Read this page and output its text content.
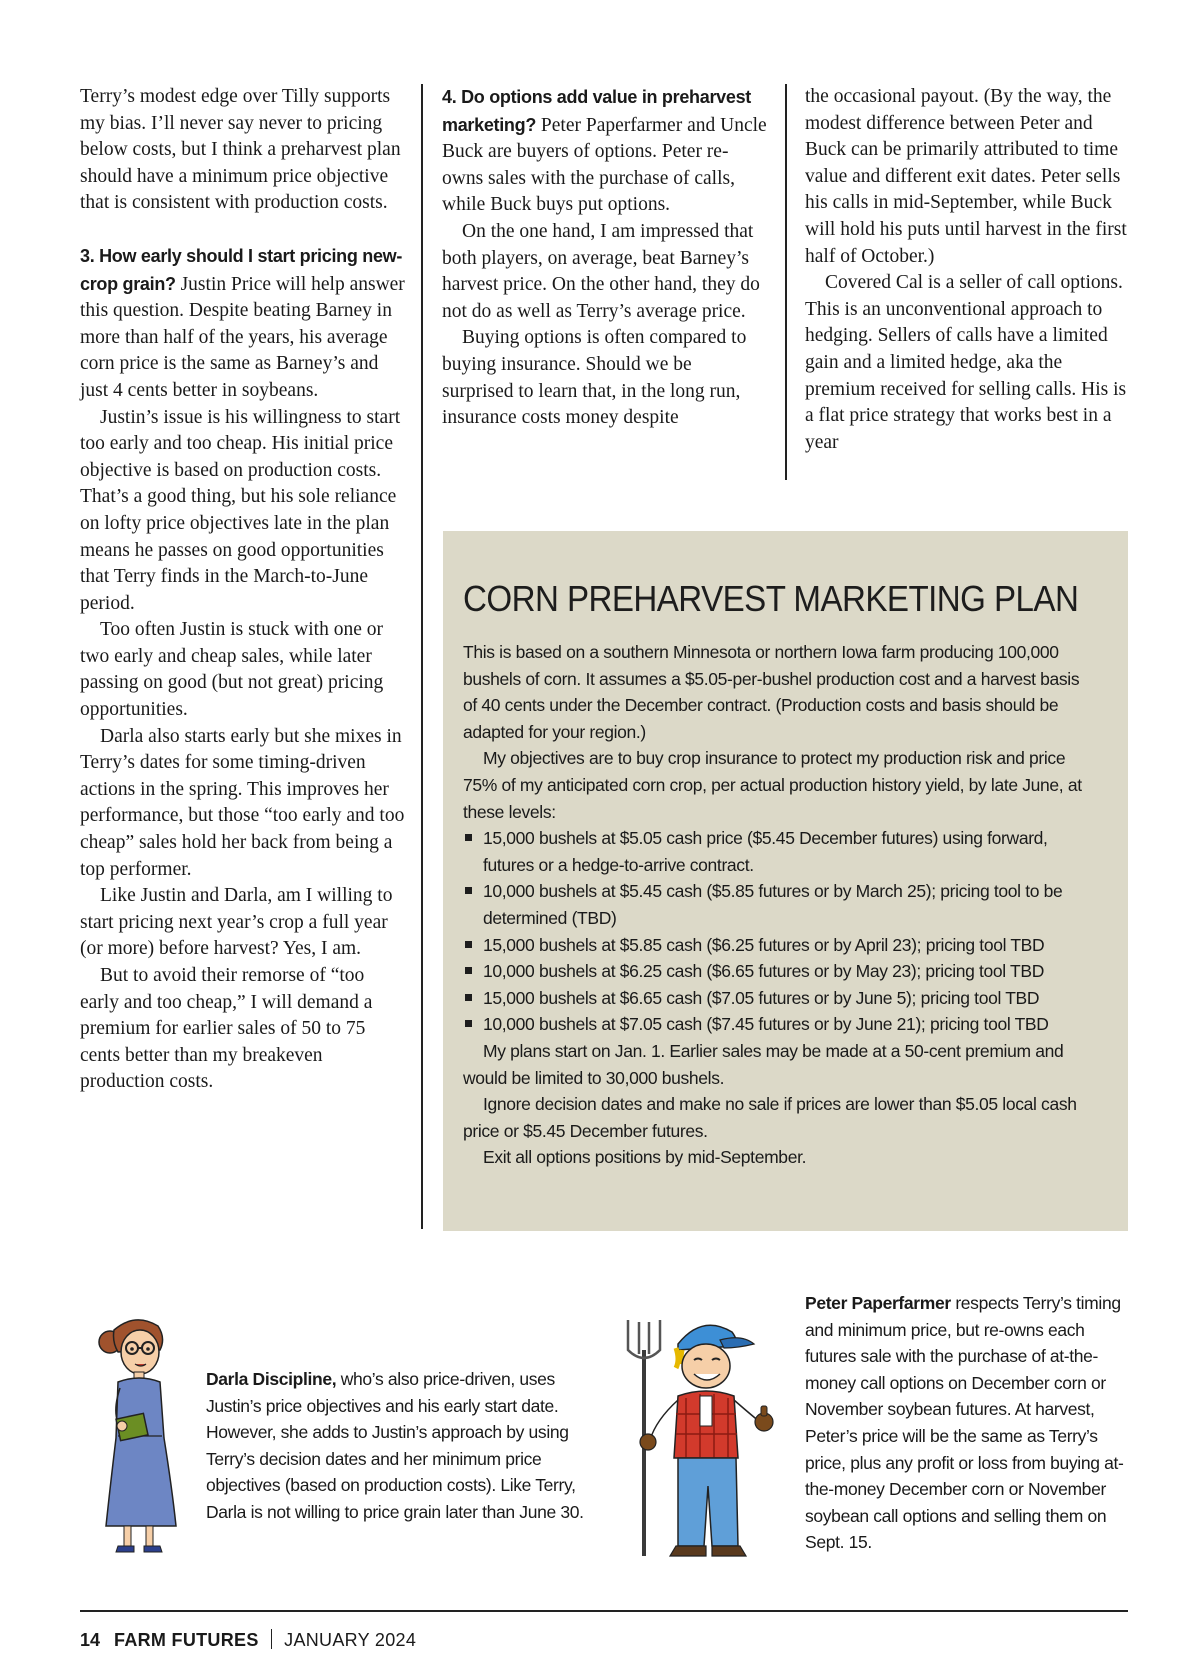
Terry’s modest edge over Tilly supports my bias. I’ll never say never to pricing below costs, but I think a preharvest plan should have a minimum price objective that is consistent with production costs.

3. How early should I start pricing new-crop grain? Justin Price will help answer this question. Despite beating Barney in more than half of the years, his average corn price is the same as Barney’s and just 4 cents better in soybeans.

Justin’s issue is his willingness to start too early and too cheap. His initial price objective is based on production costs. That’s a good thing, but his sole reliance on lofty price objectives late in the plan means he passes on good opportunities that Terry finds in the March-to-June period.

Too often Justin is stuck with one or two early and cheap sales, while later passing on good (but not great) pricing opportunities.

Darla also starts early but she mixes in Terry’s dates for some timing-driven actions in the spring. This improves her performance, but those “too early and too cheap” sales hold her back from being a top performer.

Like Justin and Darla, am I willing to start pricing next year’s crop a full year (or more) before harvest? Yes, I am.

But to avoid their remorse of “too early and too cheap,” I will demand a premium for earlier sales of 50 to 75 cents better than my breakeven production costs.

4. Do options add value in preharvest marketing? Peter Paperfarmer and Uncle Buck are buyers of options. Peter re-owns sales with the purchase of calls, while Buck buys put options.

On the one hand, I am impressed that both players, on average, beat Barney’s harvest price. On the other hand, they do not do as well as Terry’s average price.

Buying options is often compared to buying insurance. Should we be surprised to learn that, in the long run, insurance costs money despite

the occasional payout. (By the way, the modest difference between Peter and Buck can be primarily attributed to time value and different exit dates. Peter sells his calls in mid-September, while Buck will hold his puts until harvest in the first half of October.)

Covered Cal is a seller of call options. This is an unconventional approach to hedging. Sellers of calls have a limited gain and a limited hedge, aka the premium received for selling calls. His is a flat price strategy that works best in a year

CORN PREHARVEST MARKETING PLAN

This is based on a southern Minnesota or northern Iowa farm producing 100,000 bushels of corn. It assumes a $5.05-per-bushel production cost and a harvest basis of 40 cents under the December contract. (Production costs and basis should be adapted for your region.)

My objectives are to buy crop insurance to protect my production risk and price 75% of my anticipated corn crop, per actual production history yield, by late June, at these levels:

15,000 bushels at $5.05 cash price ($5.45 December futures) using forward, futures or a hedge-to-arrive contract.
10,000 bushels at $5.45 cash ($5.85 futures or by March 25); pricing tool to be determined (TBD)
15,000 bushels at $5.85 cash ($6.25 futures or by April 23); pricing tool TBD
10,000 bushels at $6.25 cash ($6.65 futures or by May 23); pricing tool TBD
15,000 bushels at $6.65 cash ($7.05 futures or by June 5); pricing tool TBD
10,000 bushels at $7.05 cash ($7.45 futures or by June 21); pricing tool TBD

My plans start on Jan. 1. Earlier sales may be made at a 50-cent premium and would be limited to 30,000 bushels.

Ignore decision dates and make no sale if prices are lower than $5.05 local cash price or $5.45 December futures.

Exit all options positions by mid-September.

Darla Discipline, who’s also price-driven, uses Justin’s price objectives and his early start date. However, she adds to Justin’s approach by using Terry’s decision dates and her minimum price objectives (based on production costs). Like Terry, Darla is not willing to price grain later than June 30.
Peter Paperfarmer respects Terry’s timing and minimum price, but re-owns each futures sale with the purchase of at-the-money call options on December corn or November soybean futures. At harvest, Peter’s price will be the same as Terry’s price, plus any profit or loss from buying at-the-money December corn or November soybean call options and selling them on Sept. 15.
14 FARM FUTURES JANUARY 2024
